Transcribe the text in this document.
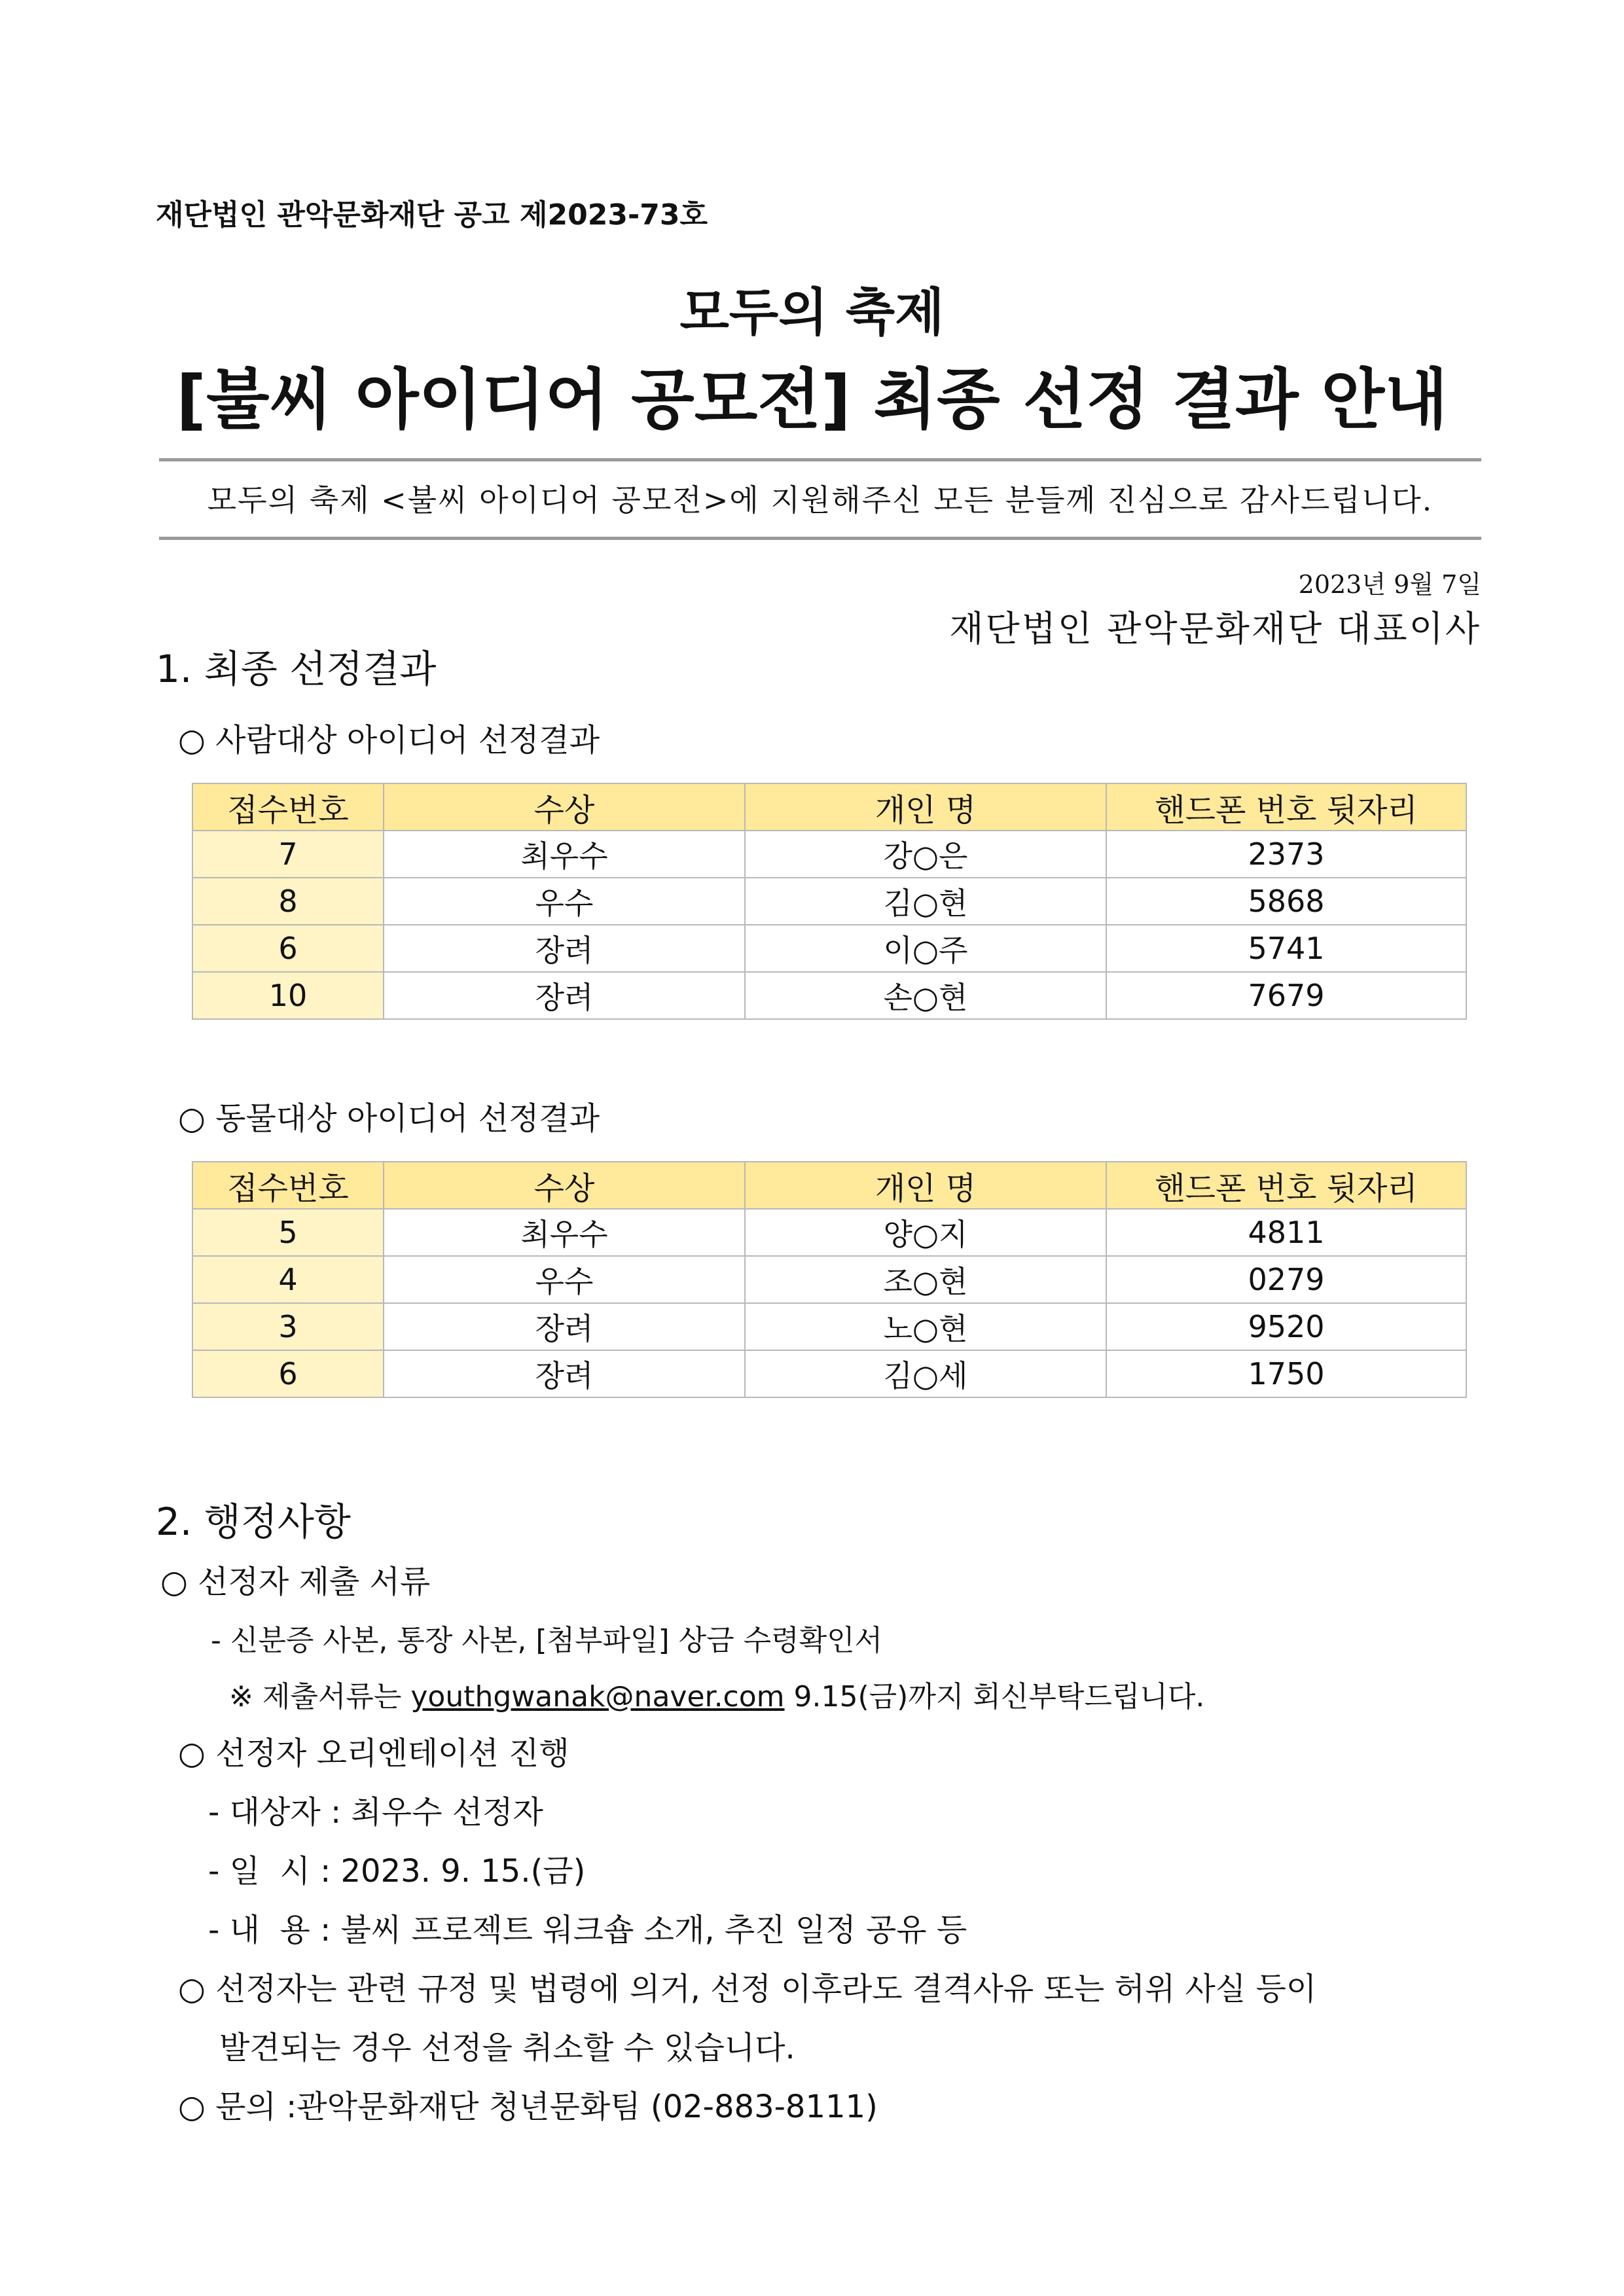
재단법인 관악문화재단 공고 제2023-73호
모두의 축제
[불씨 아이디어 공모전] 최종 선정 결과 안내
모두의 축제 <불씨 아이디어 공모전>에 지원해주신 모든 분들께 진심으로 감사드립니다.
2023년 9월 7일
재단법인 관악문화재단 대표이사
1. 최종 선정결과
○ 사람대상 아이디어 선정결과
접수번호	수상	개인 명	핸드폰 번호 뒷자리
7	최우수	강○은	2373
8	우수	김○현	5868
6	장려	이○주	5741
10	장려	손○현	7679
○ 동물대상 아이디어 선정결과
접수번호	수상	개인 명	핸드폰 번호 뒷자리
5	최우수	양○지	4811
4	우수	조○현	0279
3	장려	노○현	9520
6	장려	김○세	1750
2. 행정사항
○ 선정자 제출 서류
- 신분증 사본, 통장 사본, [첨부파일] 상금 수령확인서
※ 제출서류는 youthgwanak@naver.com 9.15(금)까지 회신부탁드립니다.
○ 선정자 오리엔테이션 진행
- 대상자 : 최우수 선정자
- 일  시 : 2023. 9. 15.(금)
- 내  용 : 불씨 프로젝트 워크숍 소개, 추진 일정 공유 등
○ 선정자는 관련 규정 및 법령에 의거, 선정 이후라도 결격사유 또는 허위 사실 등이
발견되는 경우 선정을 취소할 수 있습니다.
○ 문의 :관악문화재단 청년문화팀 (02-883-8111)
